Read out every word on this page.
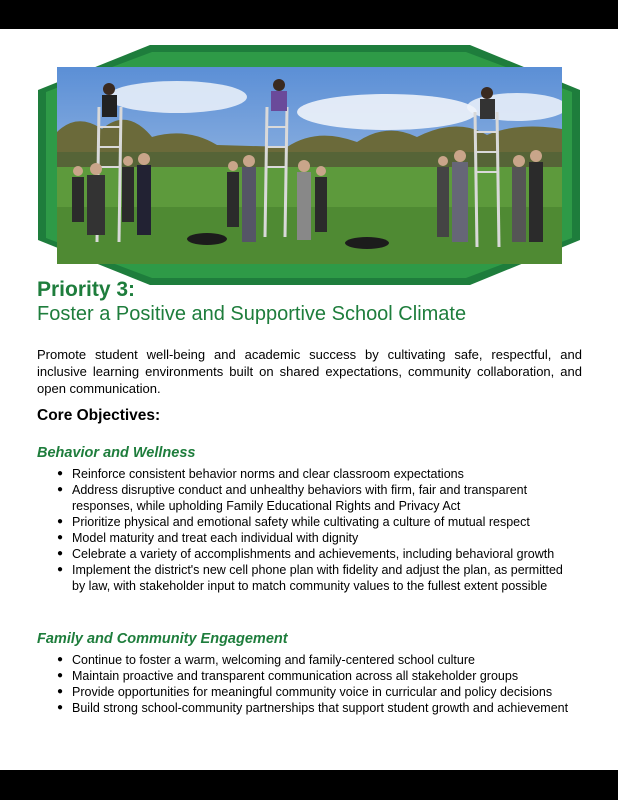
Priority 3:
Foster a Positive and Supportive School Climate
Promote student well-being and academic success by cultivating safe, respectful, and inclusive learning environments built on shared expectations, community collaboration, and open communication.
Core Objectives:
Behavior and Wellness
● Reinforce consistent behavior norms and clear classroom expectations
● Address disruptive conduct and unhealthy behaviors with firm, fair and transparent responses, while upholding Family Educational Rights and Privacy Act
● Prioritize physical and emotional safety while cultivating a culture of mutual respect
● Model maturity and treat each individual with dignity
● Celebrate a variety of accomplishments and achievements, including behavioral growth
● Implement the district's new cell phone plan with fidelity and adjust the plan, as permitted by law, with stakeholder input to match community values to the fullest extent possible
Family and Community Engagement
● Continue to foster a warm, welcoming and family-centered school culture
● Maintain proactive and transparent communication across all stakeholder groups
● Provide opportunities for meaningful community voice in curricular and policy decisions
● Build strong school-community partnerships that support student growth and achievement
